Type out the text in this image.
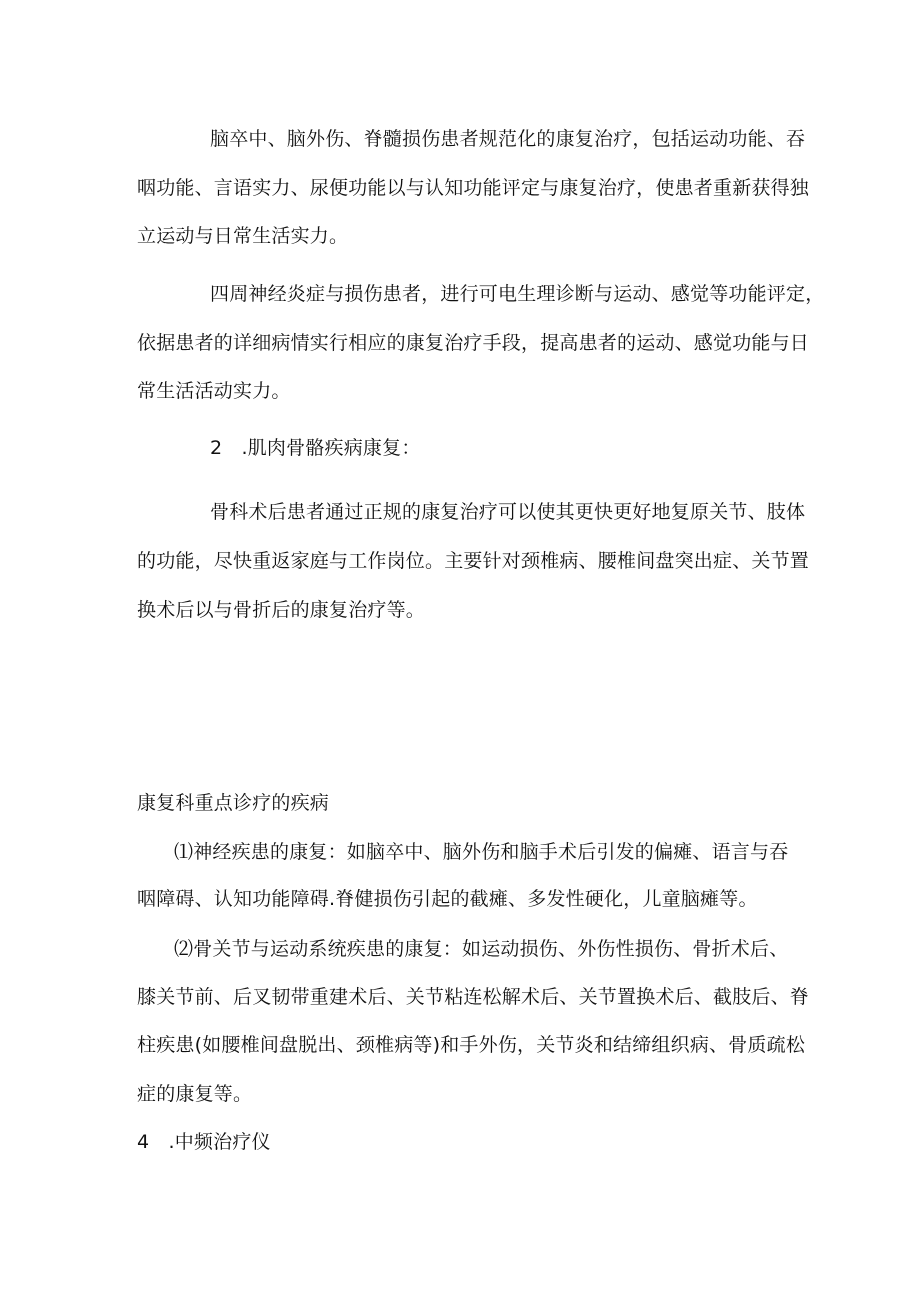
脑卒中、脑外伤、脊髓损伤患者规范化的康复治疗，包括运动功能、吞
咽功能、言语实力、尿便功能以与认知功能评定与康复治疗，使患者重新获得独
立运动与日常生活实力。
四周神经炎症与损伤患者，进行可电生理诊断与运动、感觉等功能评定，
依据患者的详细病情实行相应的康复治疗手段，提高患者的运动、感觉功能与日
常生活活动实力。
2 .肌肉骨骼疾病康复：
骨科术后患者通过正规的康复治疗可以使其更快更好地复原关节、肢体
的功能，尽快重返家庭与工作岗位。主要针对颈椎病、腰椎间盘突出症、关节置
换术后以与骨折后的康复治疗等。
康复科重点诊疗的疾病
⑴神经疾患的康复：如脑卒中、脑外伤和脑手术后引发的偏瘫、语言与吞
咽障碍、认知功能障碍.脊健损伤引起的截瘫、多发性硬化，儿童脑瘫等。
⑵骨关节与运动系统疾患的康复：如运动损伤、外伤性损伤、骨折术后、
膝关节前、后叉韧带重建术后、关节粘连松解术后、关节置换术后、截肢后、脊
柱疾患(如腰椎间盘脱出、颈椎病等)和手外伤，关节炎和结缔组织病、骨质疏松
症的康复等。
4 .中频治疗仪
